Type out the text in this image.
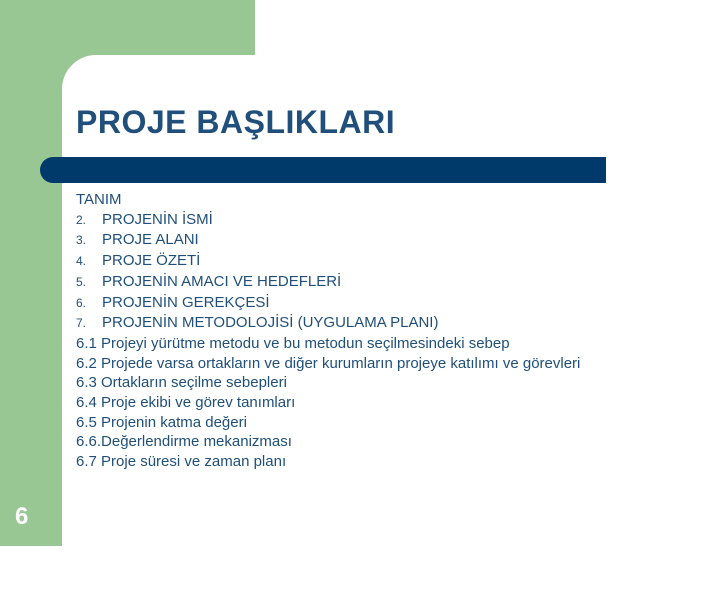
PROJE BAŞLIKLARI
TANIM
2. PROJENİN İSMİ
3. PROJE ALANI
4. PROJE ÖZETİ
5. PROJENİN AMACI VE HEDEFLERİ
6. PROJENİN GEREKÇESİ
7. PROJENİN METODOLOJİSİ (UYGULAMA PLANI)
6.1 Projeyi yürütme metodu ve bu metodun seçilmesindeki sebep
6.2 Projede varsa ortakların ve diğer kurumların projeye katılımı ve görevleri
6.3 Ortakların seçilme sebepleri
6.4 Proje ekibi ve görev tanımları
6.5 Projenin katma değeri
6.6.Değerlendirme mekanizması
6.7 Proje süresi ve zaman planı
6
